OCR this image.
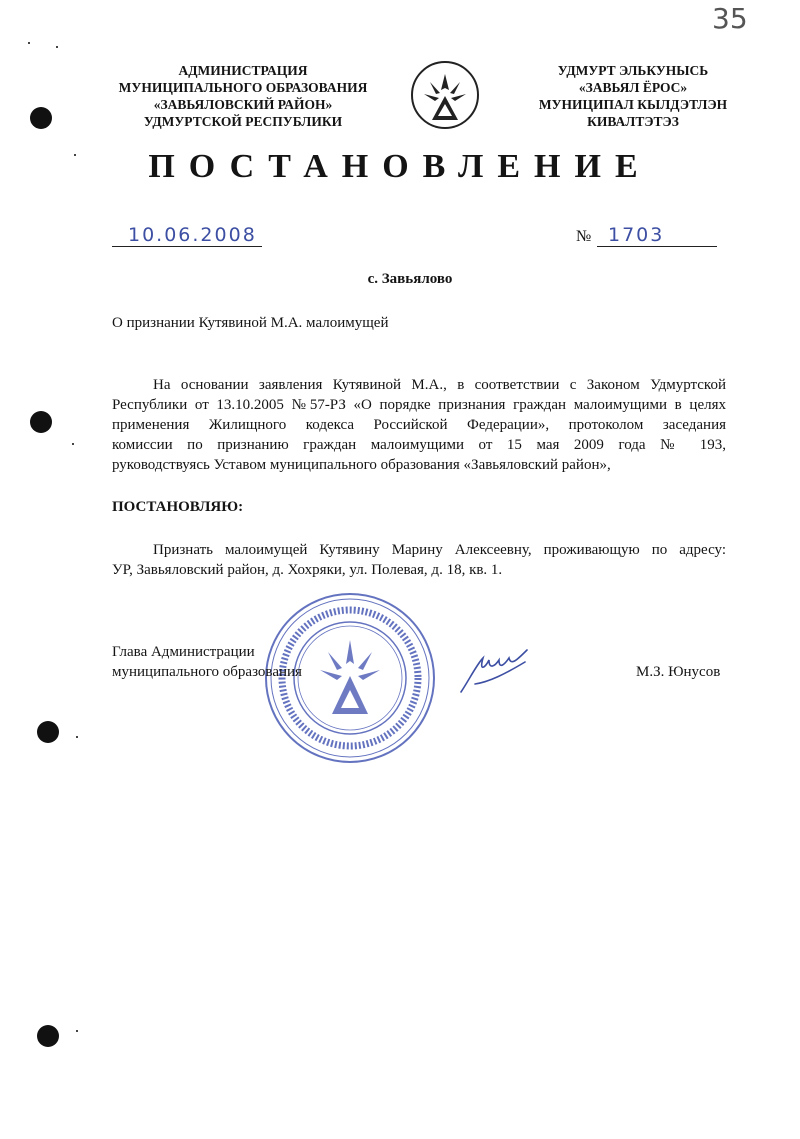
35
АДМИНИСТРАЦИЯ
МУНИЦИПАЛЬНОГО ОБРАЗОВАНИЯ
«ЗАВЬЯЛОВСКИЙ РАЙОН»
УДМУРТСКОЙ РЕСПУБЛИКИ
УДМУРТ ЭЛЬКУНЫСЬ
«ЗАВЬЯЛ ЁРОС»
МУНИЦИПАЛ КЫЛДЭТЛЭН
КИВАЛТЭТЭЗ
ПОСТАНОВЛЕНИЕ
10.06.2008	№ 1703
с. Завьялово
О признании Кутявиной М.А. малоимущей
На основании заявления Кутявиной М.А., в соответствии с Законом Удмуртской
Республики от 13.10.2005 №57-РЗ «О порядке признания граждан малоимущими в целях
применения Жилищного кодекса Российской Федерации», протоколом заседания
комиссии по признанию граждан малоимущими от 15 мая 2009 года № 193,
руководствуясь Уставом муниципального образования «Завьяловский район»,
ПОСТАНОВЛЯЮ:
Признать малоимущей Кутявину Марину Алексеевну, проживающую по адресу:
УР, Завьяловский район, д. Хохряки, ул. Полевая, д. 18, кв. 1.
Глава Администрации
муниципального образования	М.З. Юнусов
